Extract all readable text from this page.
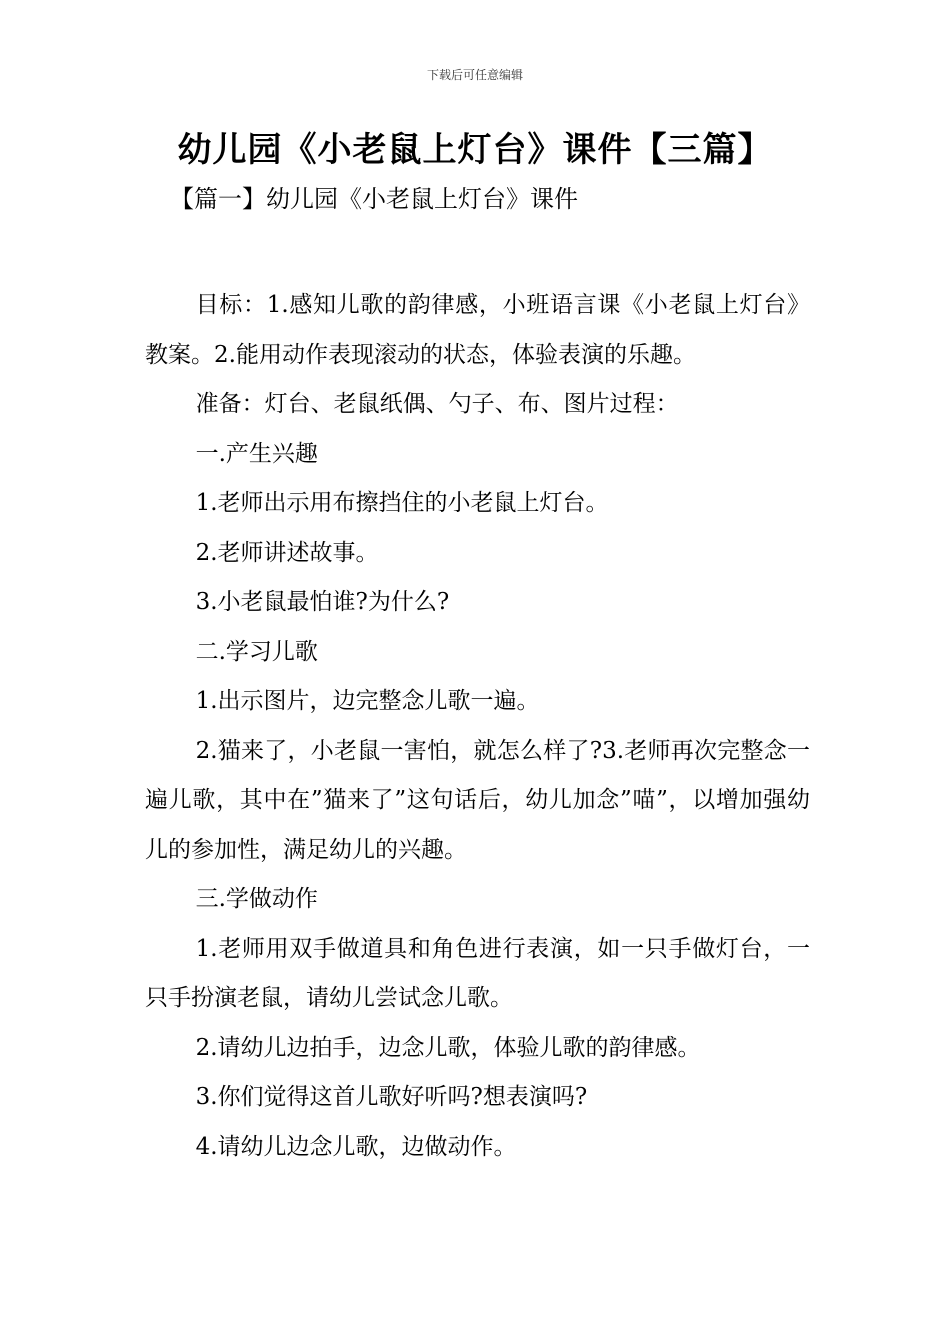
下载后可任意编辑
幼儿园《小老鼠上灯台》课件【三篇】
【篇一】幼儿园《小老鼠上灯台》课件

目标：1.感知儿歌的韵律感，小班语言课《小老鼠上灯台》教案。2.能用动作表现滚动的状态，体验表演的乐趣。

准备：灯台、老鼠纸偶、勺子、布、图片过程：

一.产生兴趣

1.老师出示用布擦挡住的小老鼠上灯台。

2.老师讲述故事。

3.小老鼠最怕谁?为什么?

二.学习儿歌

1.出示图片，边完整念儿歌一遍。

2.猫来了，小老鼠一害怕，就怎么样了?3.老师再次完整念一遍儿歌，其中在”猫来了”这句话后，幼儿加念”喵”，以增加强幼儿的参加性，满足幼儿的兴趣。

三.学做动作

1.老师用双手做道具和角色进行表演，如一只手做灯台，一只手扮演老鼠，请幼儿尝试念儿歌。

2.请幼儿边拍手，边念儿歌，体验儿歌的韵律感。

3.你们觉得这首儿歌好听吗?想表演吗?

4.请幼儿边念儿歌，边做动作。
